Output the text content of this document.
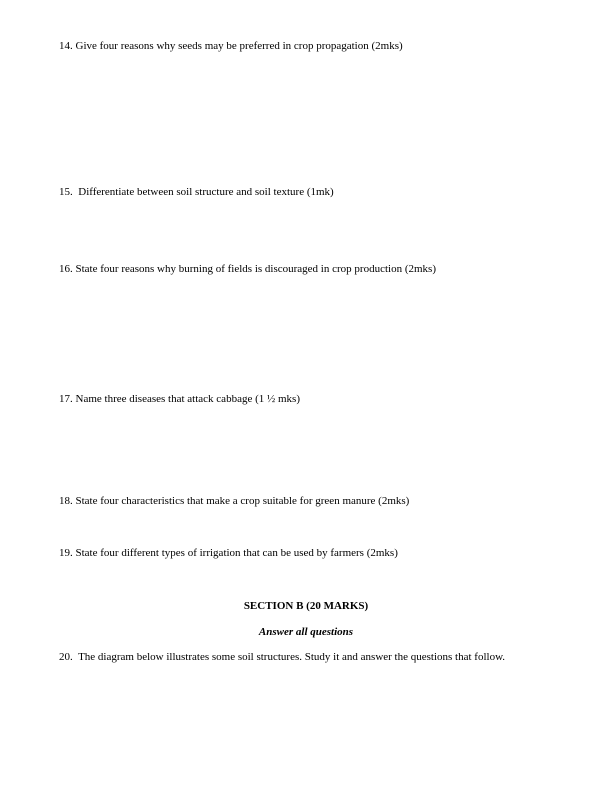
14. Give four reasons why seeds may be preferred in crop propagation (2mks)
15. Differentiate between soil structure and soil texture (1mk)
16. State four reasons why burning of fields is discouraged in crop production (2mks)
17. Name three diseases that attack cabbage (1 ½ mks)
18. State four characteristics that make a crop suitable for green manure (2mks)
19. State four different types of irrigation that can be used by farmers (2mks)
SECTION B (20 MARKS)
Answer all questions
20. The diagram below illustrates some soil structures. Study it and answer the questions that follow.
